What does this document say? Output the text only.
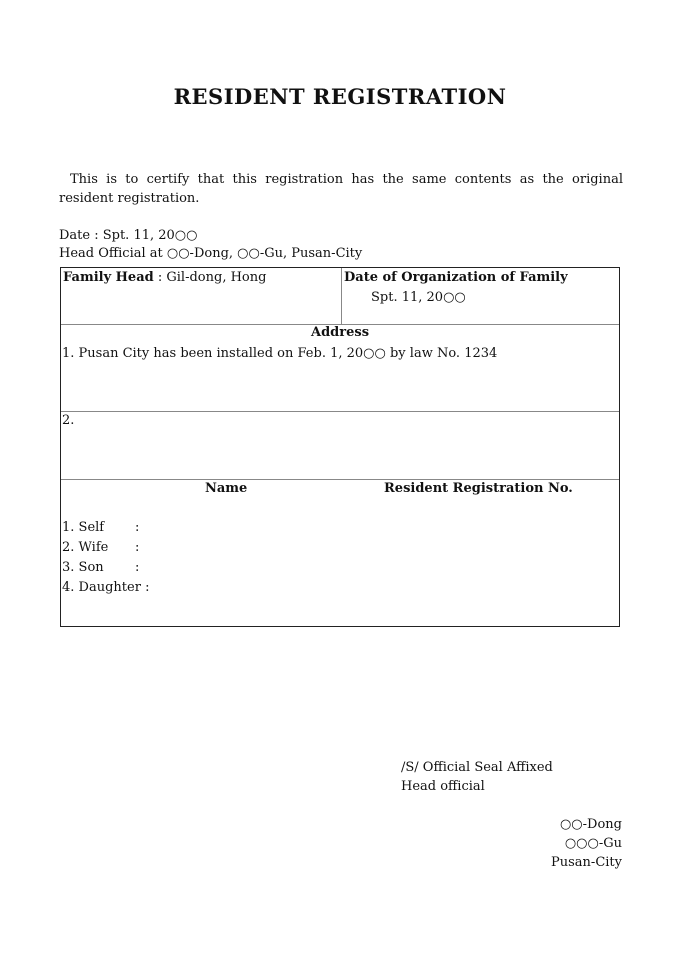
RESIDENT REGISTRATION
This is to certify that this registration has the same contents as the original resident registration.
Date : Spt. 11, 20○○
Head Official at ○○-Dong, ○○-Gu, Pusan-City
Family Head : Gil-dong, Hong	Date of Organization of Family
Spt. 11, 20○○
Address
1. Pusan City has been installed on Feb. 1, 20○○ by law No. 1234
2.
Name	Resident Registration No.
1. Self :
2. Wife :
3. Son :
4. Daughter :
/S/ Official Seal Affixed
Head official
○○-Dong
○○○-Gu
Pusan-City
